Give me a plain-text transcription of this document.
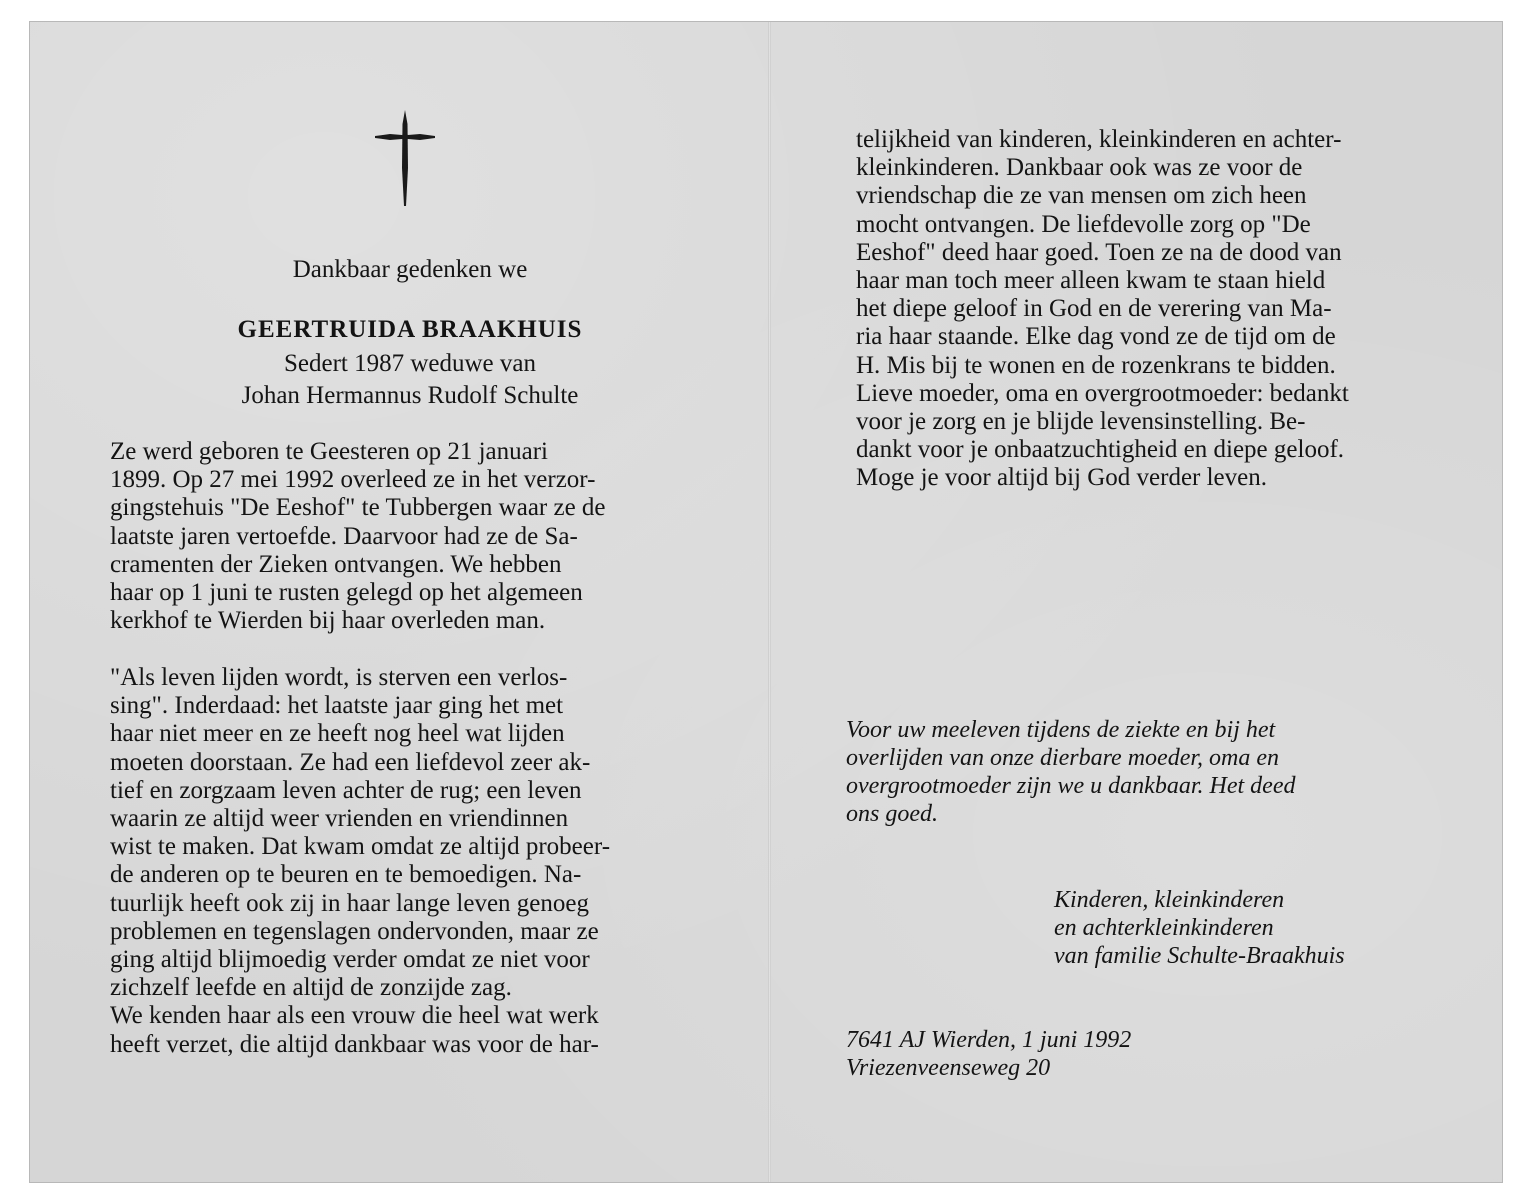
Dankbaar gedenken we
GEERTRUIDA BRAAKHUIS
Sedert 1987 weduwe van
Johan Hermannus Rudolf Schulte

Ze werd geboren te Geesteren op 21 januari
1899. Op 27 mei 1992 overleed ze in het verzor-
gingstehuis "De Eeshof" te Tubbergen waar ze de
laatste jaren vertoefde. Daarvoor had ze de Sa-
cramenten der Zieken ontvangen. We hebben
haar op 1 juni te rusten gelegd op het algemeen
kerkhof te Wierden bij haar overleden man.

"Als leven lijden wordt, is sterven een verlos-
sing". Inderdaad: het laatste jaar ging het met
haar niet meer en ze heeft nog heel wat lijden
moeten doorstaan. Ze had een liefdevol zeer ak-
tief en zorgzaam leven achter de rug; een leven
waarin ze altijd weer vrienden en vriendinnen
wist te maken. Dat kwam omdat ze altijd probeer-
de anderen op te beuren en te bemoedigen. Na-
tuurlijk heeft ook zij in haar lange leven genoeg
problemen en tegenslagen ondervonden, maar ze
ging altijd blijmoedig verder omdat ze niet voor
zichzelf leefde en altijd de zonzijde zag.
We kenden haar als een vrouw die heel wat werk
heeft verzet, die altijd dankbaar was voor de har-

telijkheid van kinderen, kleinkinderen en achter-
kleinkinderen. Dankbaar ook was ze voor de
vriendschap die ze van mensen om zich heen
mocht ontvangen. De liefdevolle zorg op "De
Eeshof" deed haar goed. Toen ze na de dood van
haar man toch meer alleen kwam te staan hield
het diepe geloof in God en de verering van Ma-
ria haar staande. Elke dag vond ze de tijd om de
H. Mis bij te wonen en de rozenkrans te bidden.
Lieve moeder, oma en overgrootmoeder: bedankt
voor je zorg en je blijde levensinstelling. Be-
dankt voor je onbaatzuchtigheid en diepe geloof.
Moge je voor altijd bij God verder leven.

Voor uw meeleven tijdens de ziekte en bij het
overlijden van onze dierbare moeder, oma en
overgrootmoeder zijn we u dankbaar. Het deed
ons goed.

Kinderen, kleinkinderen
en achterkleinkinderen
van familie Schulte-Braakhuis

7641 AJ Wierden, 1 juni 1992
Vriezenveenseweg 20
